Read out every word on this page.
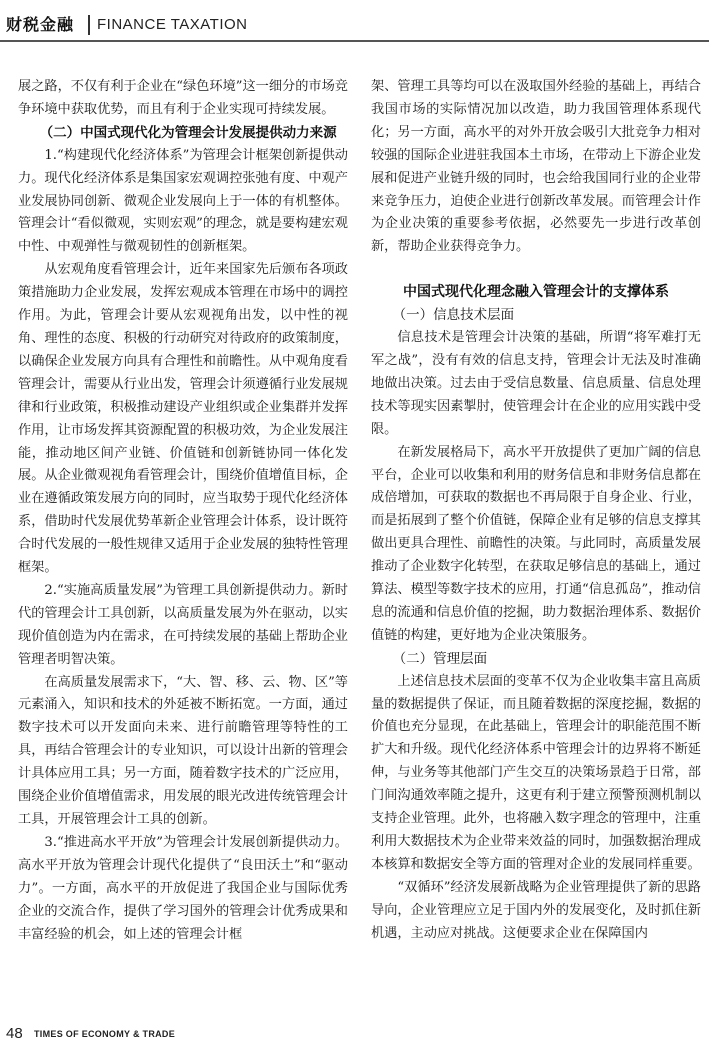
财税金融 FINANCE TAXATION

展之路，不仅有利于企业在“绿色环境”这一细分的市场竞争环境中获取优势，而且有利于企业实现可持续发展。

（二）中国式现代化为管理会计发展提供动力来源

1.“构建现代化经济体系”为管理会计框架创新提供动力。现代化经济体系是集国家宏观调控张弛有度、中观产业发展协同创新、微观企业发展向上于一体的有机整体。管理会计“看似微观，实则宏观”的理念，就是要构建宏观中性、中观弹性与微观韧性的创新框架。

从宏观角度看管理会计，近年来国家先后颁布各项政策措施助力企业发展，发挥宏观成本管理在市场中的调控作用。为此，管理会计要从宏观视角出发，以中性的视角、理性的态度、积极的行动研究对待政府的政策制度，以确保企业发展方向具有合理性和前瞻性。从中观角度看管理会计，需要从行业出发，管理会计须遵循行业发展规律和行业政策，积极推动建设产业组织或企业集群并发挥作用，让市场发挥其资源配置的积极功效，为企业发展注能，推动地区间产业链、价值链和创新链协同一体化发展。从企业微观视角看管理会计，围绕价值增值目标，企业在遵循政策发展方向的同时，应当取势于现代化经济体系，借助时代发展优势革新企业管理会计体系，设计既符合时代发展的一般性规律又适用于企业发展的独特性管理框架。

2.“实施高质量发展”为管理工具创新提供动力。新时代的管理会计工具创新，以高质量发展为外在驱动，以实现价值创造为内在需求，在可持续发展的基础上帮助企业管理者明智决策。

在高质量发展需求下，“大、智、移、云、物、区”等元素涌入，知识和技术的外延被不断拓宽。一方面，通过数字技术可以开发面向未来、进行前瞻管理等特性的工具，再结合管理会计的专业知识，可以设计出新的管理会计具体应用工具；另一方面，随着数字技术的广泛应用，围绕企业价值增值需求，用发展的眼光改进传统管理会计工具，开展管理会计工具的创新。

3.“推进高水平开放”为管理会计发展创新提供动力。高水平开放为管理会计现代化提供了“良田沃土”和“驱动力”。一方面，高水平的开放促进了我国企业与国际优秀企业的交流合作，提供了学习国外的管理会计优秀成果和丰富经验的机会，如上述的管理会计框

架、管理工具等均可以在汲取国外经验的基础上，再结合我国市场的实际情况加以改造，助力我国管理体系现代化；另一方面，高水平的对外开放会吸引大批竞争力相对较强的国际企业进驻我国本土市场，在带动上下游企业发展和促进产业链升级的同时，也会给我国同行业的企业带来竞争压力，迫使企业进行创新改革发展。而管理会计作为企业决策的重要参考依据，必然要先一步进行改革创新，帮助企业获得竞争力。

中国式现代化理念融入管理会计的支撑体系

（一）信息技术层面

信息技术是管理会计决策的基础，所谓“将军难打无军之战”，没有有效的信息支持，管理会计无法及时准确地做出决策。过去由于受信息数量、信息质量、信息处理技术等现实因素掣肘，使管理会计在企业的应用实践中受限。

在新发展格局下，高水平开放提供了更加广阔的信息平台，企业可以收集和利用的财务信息和非财务信息都在成倍增加，可获取的数据也不再局限于自身企业、行业，而是拓展到了整个价值链，保障企业有足够的信息支撑其做出更具合理性、前瞻性的决策。与此同时，高质量发展推动了企业数字化转型，在获取足够信息的基础上，通过算法、模型等数字技术的应用，打通“信息孤岛”，推动信息的流通和信息价值的挖掘，助力数据治理体系、数据价值链的构建，更好地为企业决策服务。

（二）管理层面

上述信息技术层面的变革不仅为企业收集丰富且高质量的数据提供了保证，而且随着数据的深度挖掘，数据的价值也充分显现，在此基础上，管理会计的职能范围不断扩大和升级。现代化经济体系中管理会计的边界将不断延伸，与业务等其他部门产生交互的决策场景趋于日常，部门间沟通效率随之提升，这更有利于建立预警预测机制以支持企业管理。此外，也将融入数字理念的管理中，注重利用大数据技术为企业带来效益的同时，加强数据治理成本核算和数据安全等方面的管理对企业的发展同样重要。

“双循环”经济发展新战略为企业管理提供了新的思路导向，企业管理应立足于国内外的发展变化，及时抓住新机遇，主动应对挑战。这便要求企业在保障国内

48 TIMES OF ECONOMY & TRADE
